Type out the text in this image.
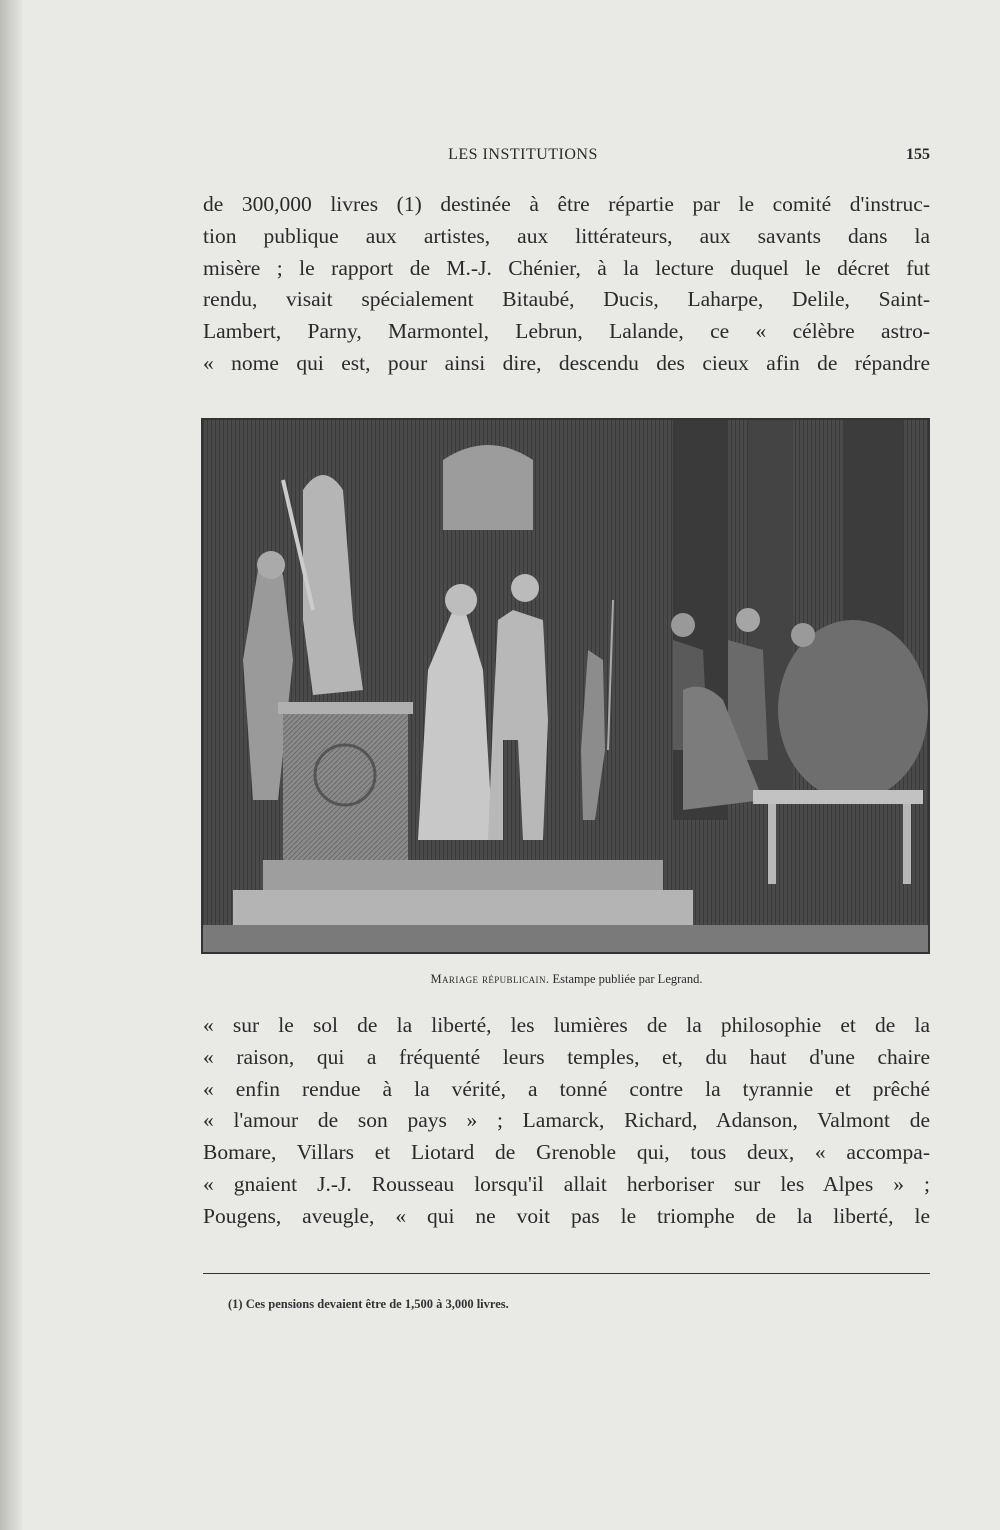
LES INSTITUTIONS	155
de 300,000 livres (1) destinée à être répartie par le comité d'instruc-
tion publique aux artistes, aux littérateurs, aux savants dans la
misère ; le rapport de M.-J. Chénier, à la lecture duquel le décret fut
rendu, visait spécialement Bitaubé, Ducis, Laharpe, Delile, Saint-
Lambert, Parny, Marmontel, Lebrun, Lalande, ce « célèbre astro-
« nome qui est, pour ainsi dire, descendu des cieux afin de répandre
Mariage républicain. Estampe publiée par Legrand.
« sur le sol de la liberté, les lumières de la philosophie et de la
« raison, qui a fréquenté leurs temples, et, du haut d'une chaire
« enfin rendue à la vérité, a tonné contre la tyrannie et prêché
« l'amour de son pays » ; Lamarck, Richard, Adanson, Valmont de
Bomare, Villars et Liotard de Grenoble qui, tous deux, « accompa-
« gnaient J.-J. Rousseau lorsqu'il allait herboriser sur les Alpes » ;
Pougens, aveugle, « qui ne voit pas le triomphe de la liberté, le
(1) Ces pensions devaient être de 1,500 à 3,000 livres.
